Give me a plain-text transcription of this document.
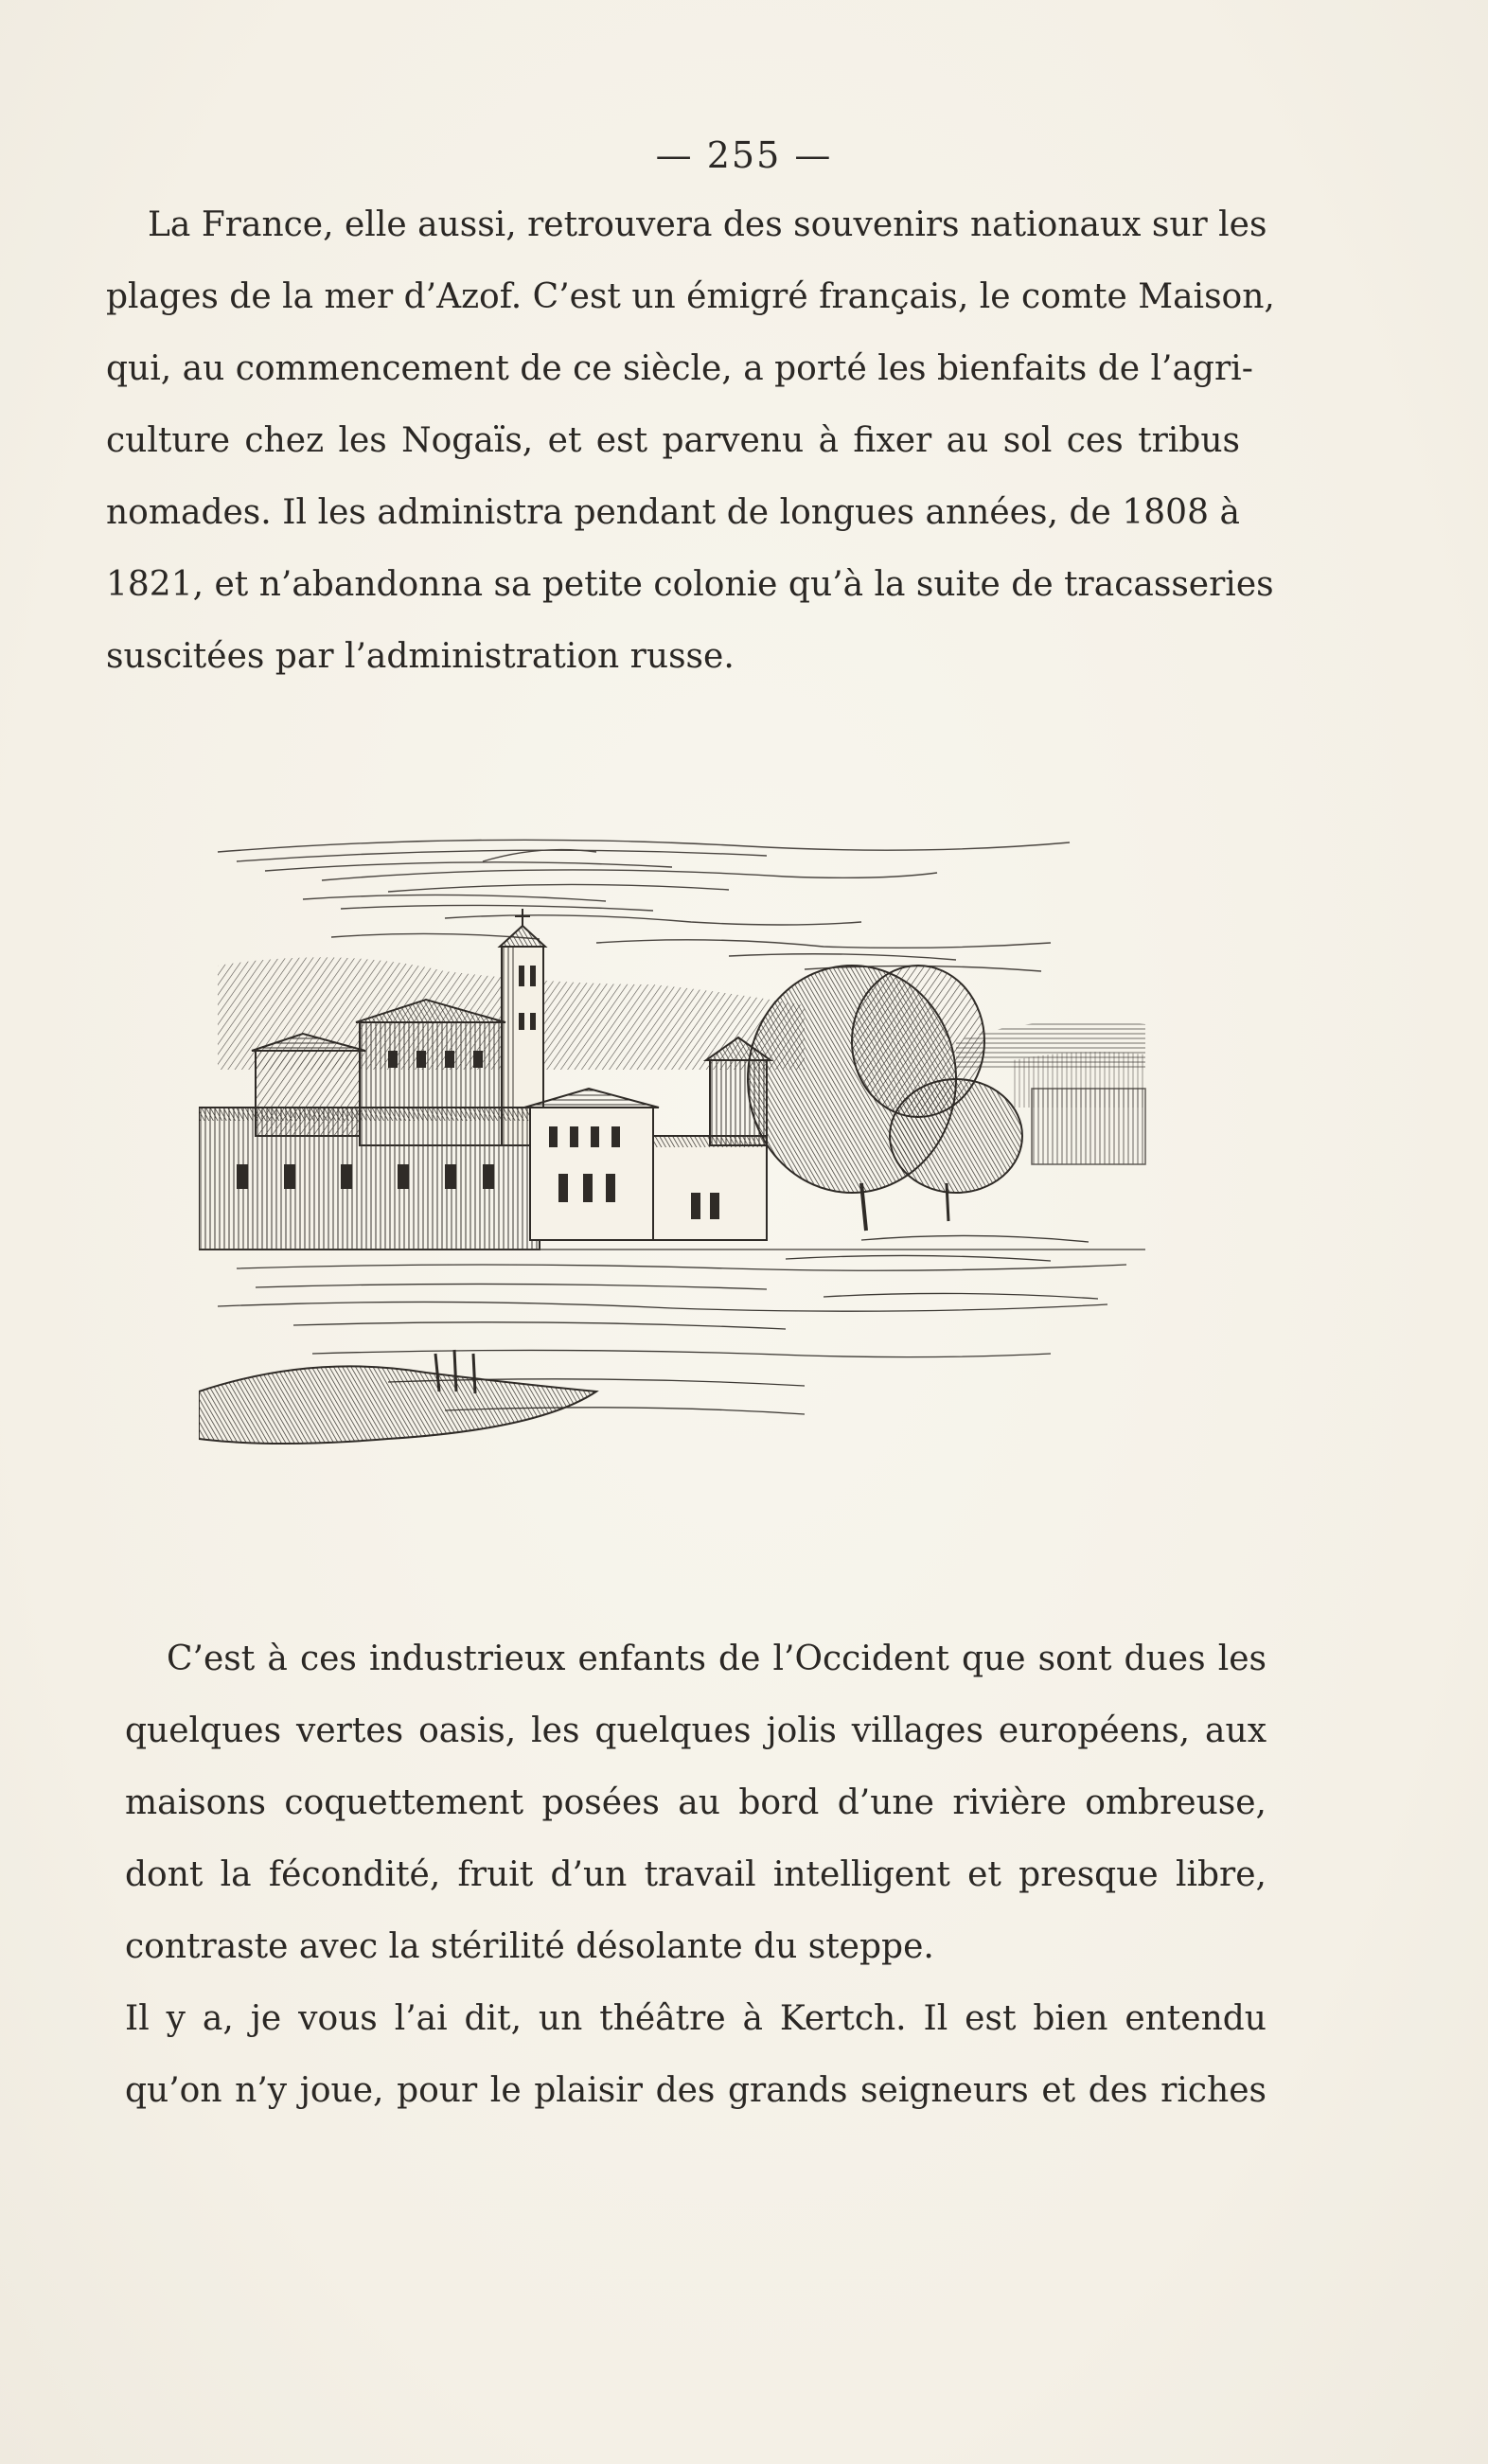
— 255 —
La France, elle aussi, retrouvera des souvenirs nationaux sur les
plages de la mer d’Azof. C’est un émigré français, le comte Maison,
qui, au commencement de ce siècle, a porté les bienfaits de l’agri-
culture chez les Nogaïs, et est parvenu à fixer au sol ces tribus
nomades. Il les administra pendant de longues années, de 1808 à
1821, et n’abandonna sa petite colonie qu’à la suite de tracasseries
suscitées par l’administration russe.
C’est à ces industrieux enfants de l’Occident que sont dues les
quelques vertes oasis, les quelques jolis villages européens, aux
maisons coquettement posées au bord d’une rivière ombreuse,
dont la fécondité, fruit d’un travail intelligent et presque libre,
contraste avec la stérilité désolante du steppe.
Il y a, je vous l’ai dit, un théâtre à Kertch. Il est bien entendu
qu’on n’y joue, pour le plaisir des grands seigneurs et des riches
